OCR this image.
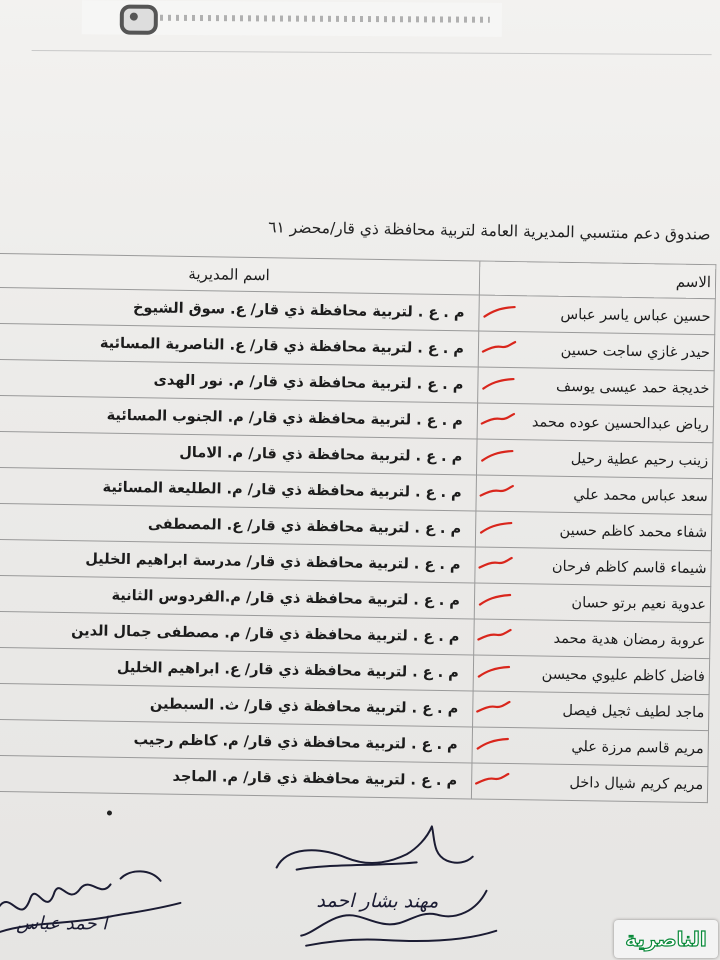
صندوق دعم منتسبي المديرية العامة لتربية محافظة ذي قار/محضر ٦١
الاسم	اسم المديرية
حسين عباس ياسر عباس	م . ع . لتربية محافظة ذي قار/ ع. سوق الشيوخ
حيدر غازي ساجت حسين	م . ع . لتربية محافظة ذي قار/ ع. الناصرية المسائية
خديجة حمد عيسى يوسف	م . ع . لتربية محافظة ذي قار/ م. نور الهدى
رياض عبدالحسين عوده محمد	م . ع . لتربية محافظة ذي قار/ م. الجنوب المسائية
زينب رحيم عطية رحيل	م . ع . لتربية محافظة ذي قار/ م. الامال
سعد عباس محمد علي	م . ع . لتربية محافظة ذي قار/ م. الطليعة المسائية
شفاء محمد كاظم حسين	م . ع . لتربية محافظة ذي قار/ ع. المصطفى
شيماء قاسم كاظم فرحان	م . ع . لتربية محافظة ذي قار/ مدرسة ابراهيم الخليل
عدوية نعيم برتو حسان	م . ع . لتربية محافظة ذي قار/ م.الفردوس الثانية
عروبة رمضان هدية محمد	م . ع . لتربية محافظة ذي قار/ م. مصطفى جمال الدين
فاضل كاظم عليوي محيسن	م . ع . لتربية محافظة ذي قار/ ع. ابراهيم الخليل
ماجد لطيف ثجيل فيصل	م . ع . لتربية محافظة ذي قار/ ث. السبطين
مريم قاسم مرزة علي	م . ع . لتربية محافظة ذي قار/ م. كاظم رجيب
مريم كريم شيال داخل	م . ع . لتربية محافظة ذي قار/ م. الماجد
ا حمد عباس
مهند بشار احمد
الناصرية
